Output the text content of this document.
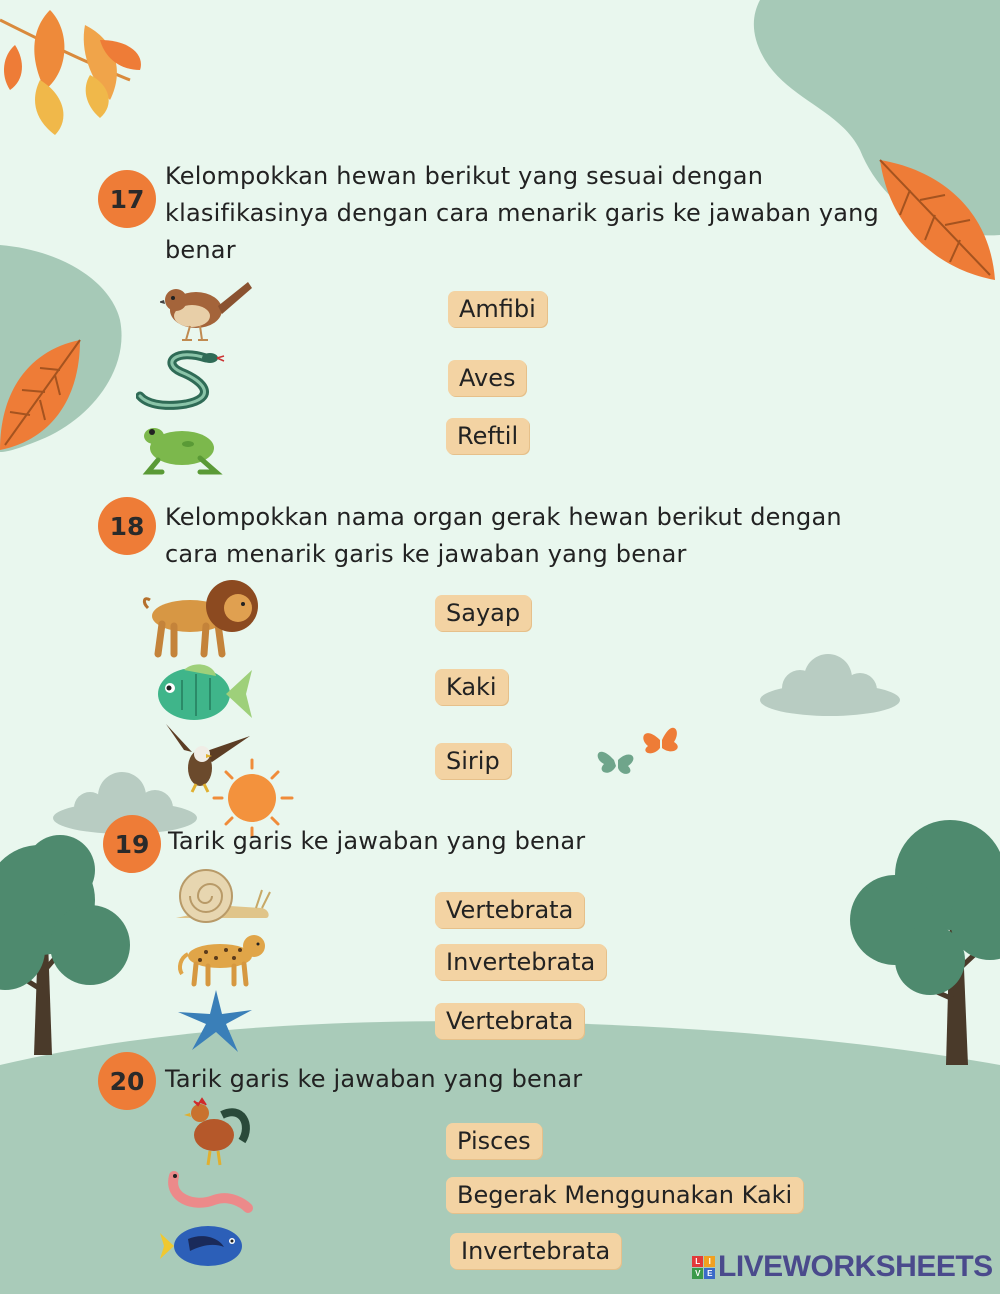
17
Kelompokkan hewan berikut yang sesuai dengan
klasifikasinya dengan cara menarik garis ke jawaban yang
benar
Amfibi
Aves
Reftil
18 Kelompokkan nama organ gerak hewan berikut dengan
cara menarik garis ke jawaban yang benar
Sayap
Kaki
Sirip
19 Tarik garis ke jawaban yang benar
Vertebrata
Invertebrata
Vertebrata
20 Tarik garis ke jawaban yang benar
Pisces
Begerak Menggunakan Kaki
Invertebrata	L	I
V E LIVEWORKSHEETS
